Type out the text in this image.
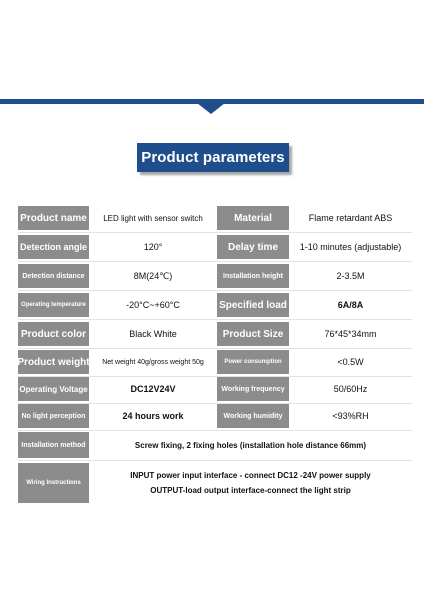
Product parameters
Product name	LED light with sensor switch	Material	Flame retardant ABS
Detection angle	120°	Delay time	1-10 minutes (adjustable)
Detection distance	8M(24℃)	Installation height	2-3.5M
Operating temperature	-20°C~+60°C	Specified load	6A/8A
Product color	Black White	Product Size	76*45*34mm
Product weight	Net weight 40g/gross weight 50g	Power consumption	<0.5W
Operating Voltage	DC12V24V	Working frequency	50/60Hz
No light perception	24 hours work	Working humidity	<93%RH
Installation method	Screw fixing, 2 fixing holes (installation hole distance 66mm)
Wiring Instructions
INPUT power input interface - connect DC12 -24V power supply
OUTPUT-load output interface-connect the light strip
